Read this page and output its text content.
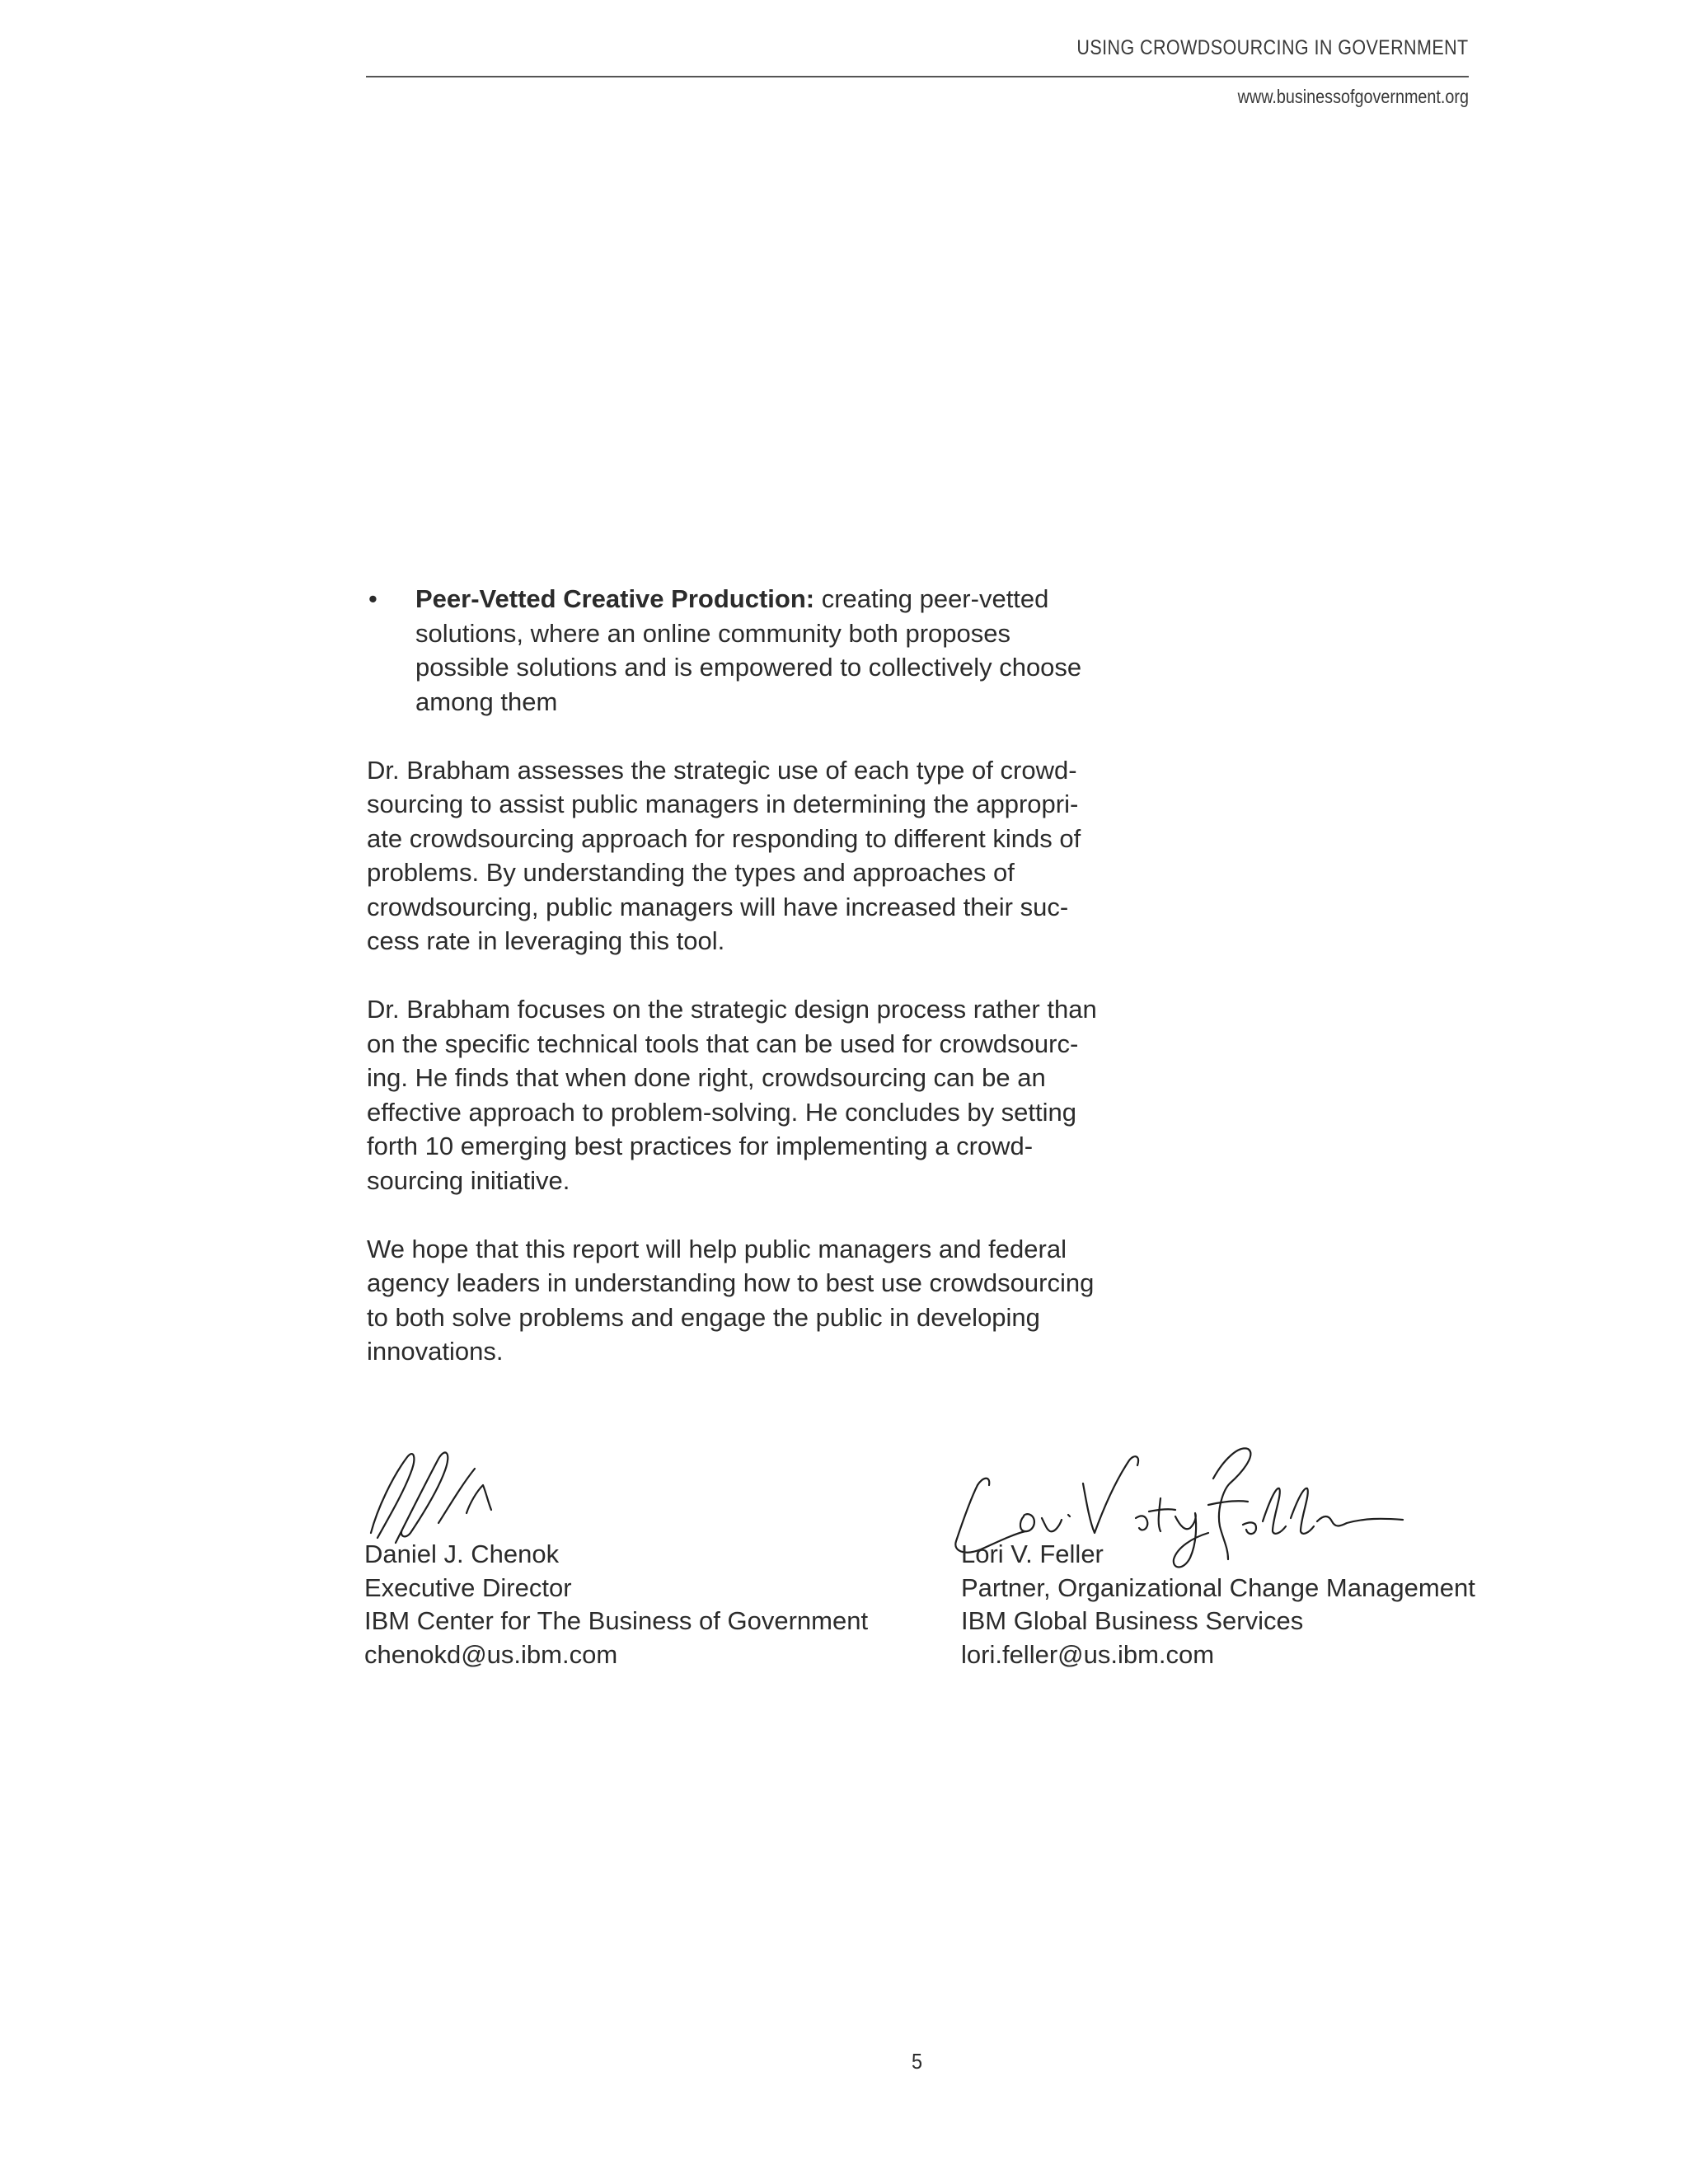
USING CROWDSOURCING IN GOVERNMENT
www.businessofgovernment.org
• Peer-Vetted Creative Production: creating peer-vetted
solutions, where an online community both proposes
possible solutions and is empowered to collectively choose
among them
Dr. Brabham assesses the strategic use of each type of crowd-
sourcing to assist public managers in determining the appropri-
ate crowdsourcing approach for responding to different kinds of
problems. By understanding the types and approaches of
crowdsourcing, public managers will have increased their suc-
cess rate in leveraging this tool.
Dr. Brabham focuses on the strategic design process rather than
on the specific technical tools that can be used for crowdsourc-
ing. He finds that when done right, crowdsourcing can be an
effective approach to problem-solving. He concludes by setting
forth 10 emerging best practices for implementing a crowd-
sourcing initiative.
We hope that this report will help public managers and federal
agency leaders in understanding how to best use crowdsourcing
to both solve problems and engage the public in developing
innovations.
Daniel J. Chenok
Executive Director
IBM Center for The Business of Government
chenokd@us.ibm.com
Lori V. Feller
Partner, Organizational Change Management
IBM Global Business Services
lori.feller@us.ibm.com
5
